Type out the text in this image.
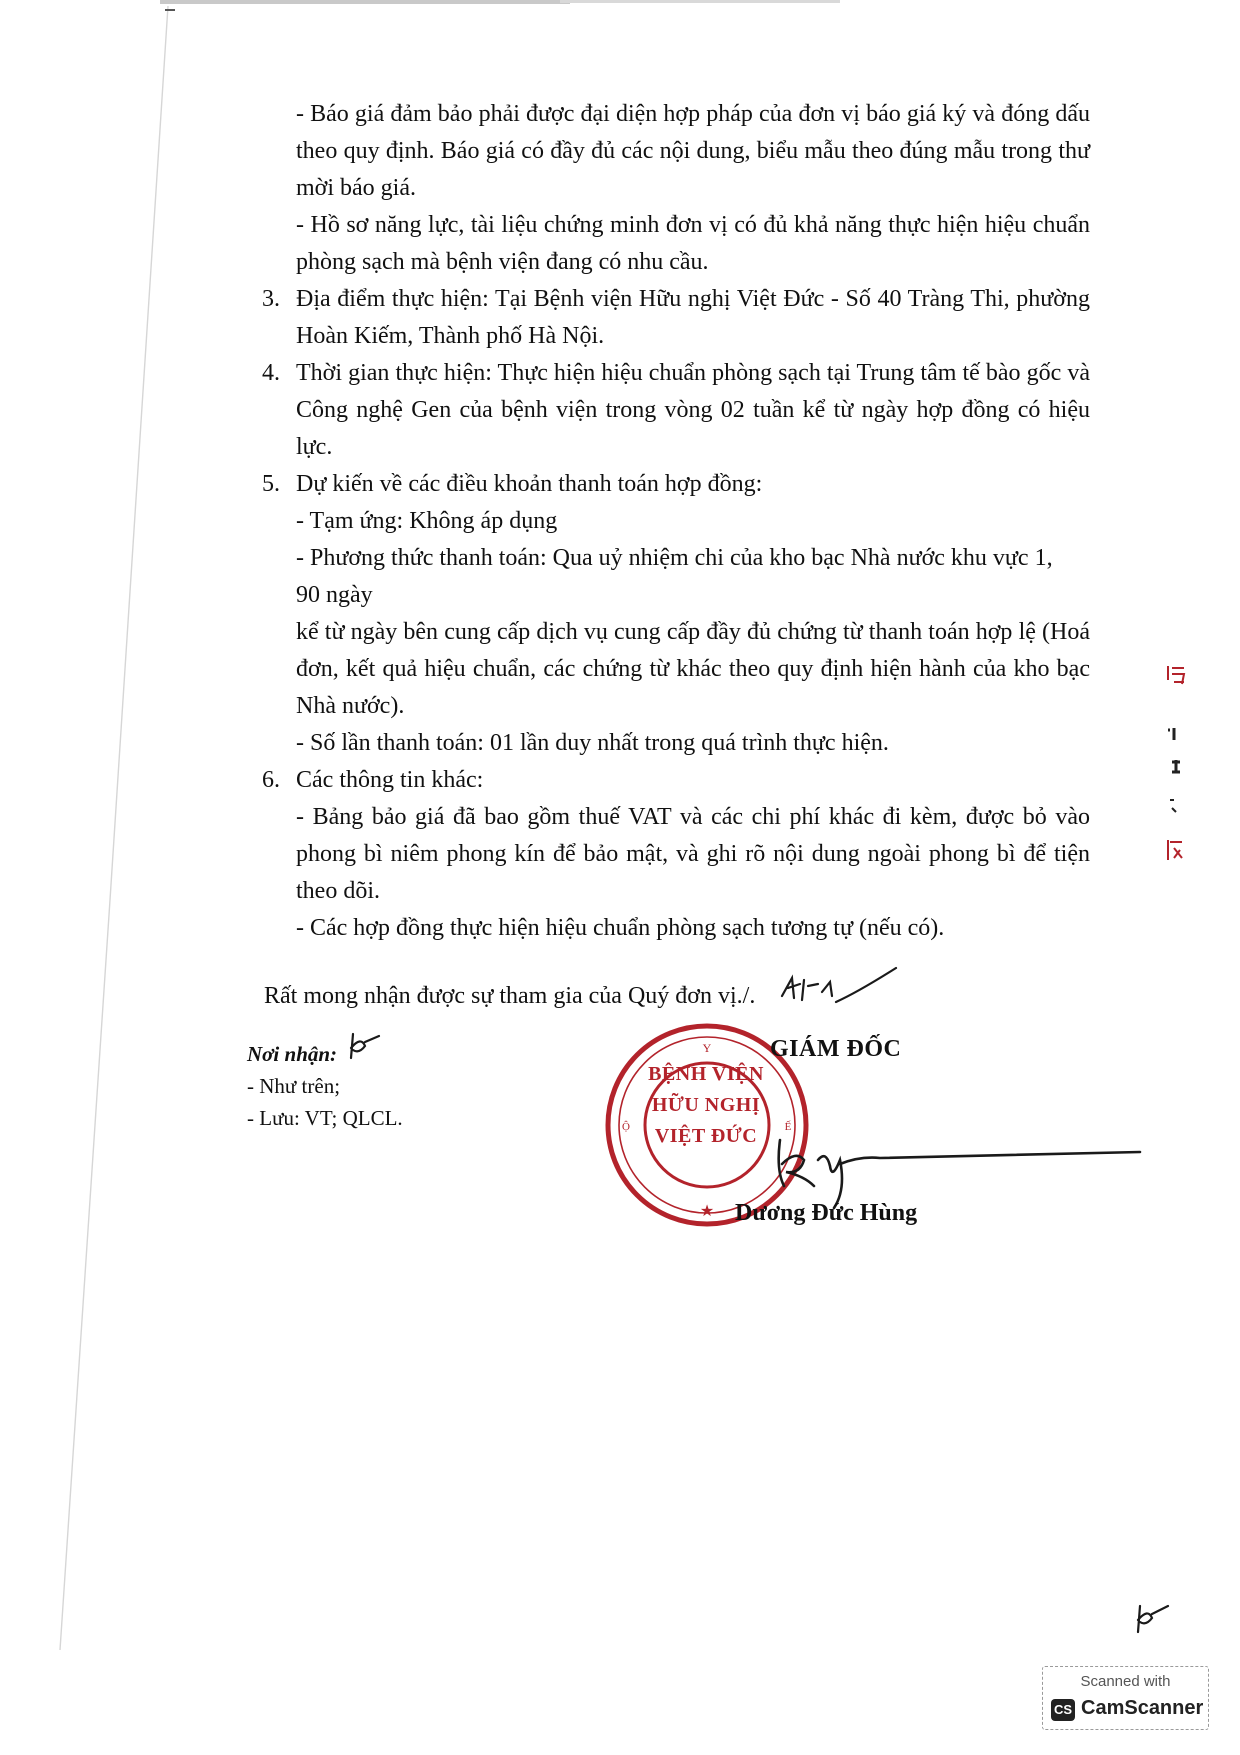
- Báo giá đảm bảo phải được đại diện hợp pháp của đơn vị báo giá ký và đóng dấu theo quy định. Báo giá có đầy đủ các nội dung, biểu mẫu theo đúng mẫu trong thư mời báo giá.

- Hồ sơ năng lực, tài liệu chứng minh đơn vị có đủ khả năng thực hiện hiệu chuẩn phòng sạch mà bệnh viện đang có nhu cầu.

3. Địa điểm thực hiện: Tại Bệnh viện Hữu nghị Việt Đức - Số 40 Tràng Thi, phường Hoàn Kiếm, Thành phố Hà Nội.
4. Thời gian thực hiện: Thực hiện hiệu chuẩn phòng sạch tại Trung tâm tế bào gốc và Công nghệ Gen của bệnh viện trong vòng 02 tuần kể từ ngày hợp đồng có hiệu lực.
5. Dự kiến về các điều khoản thanh toán hợp đồng:

- Tạm ứng: Không áp dụng

- Phương thức thanh toán: Qua uỷ nhiệm chi của kho bạc Nhà nước khu vực 1,

90 ngày

kể từ ngày bên cung cấp dịch vụ cung cấp đầy đủ chứng từ thanh toán hợp lệ (Hoá đơn, kết quả hiệu chuẩn, các chứng từ khác theo quy định hiện hành của kho bạc Nhà nước).

- Số lần thanh toán: 01 lần duy nhất trong quá trình thực hiện.

6. Các thông tin khác:

- Bảng bảo giá đã bao gồm thuế VAT và các chi phí khác đi kèm, được bỏ vào phong bì niêm phong kín để bảo mật, và ghi rõ nội dung ngoài phong bì để tiện theo dõi.

- Các hợp đồng thực hiện hiệu chuẩn phòng sạch tương tự (nếu có).

Rất mong nhận được sự tham gia của Quý đơn vị./.
Nơi nhận:
- Như trên;
- Lưu: VT; QLCL.
Y
★
Ộ	Ế
BỆNH VIỆN
HỮU NGHỊ
VIỆT ĐỨC
GIÁM ĐỐC
Dương Đức Hùng
Scanned with
CS CamScanner
